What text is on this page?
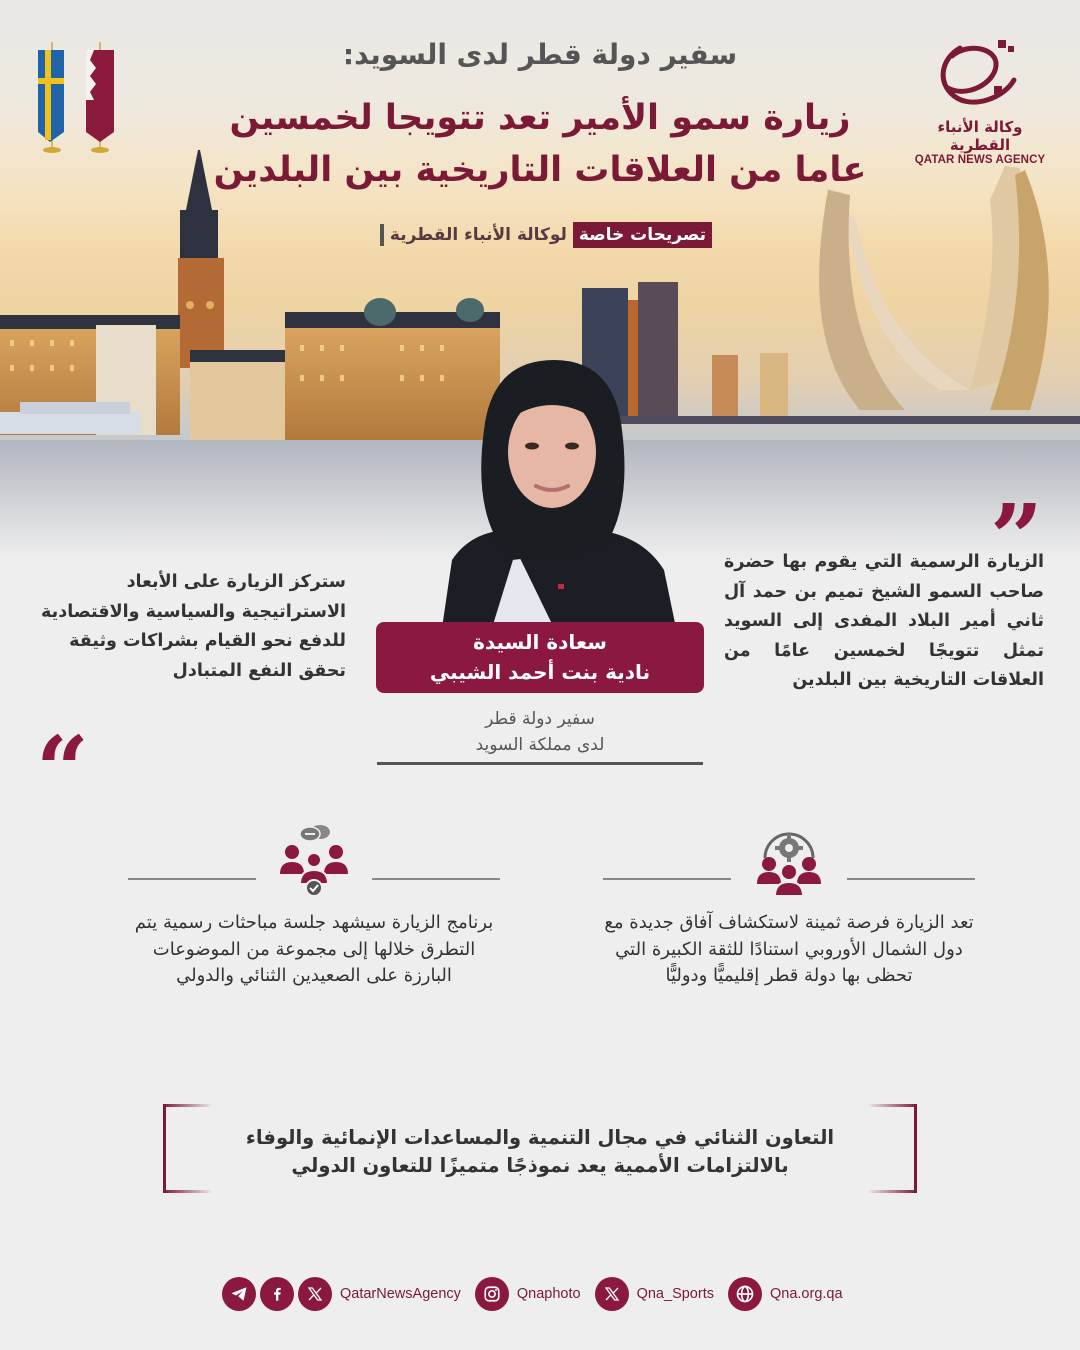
وكالة الأنباء القطرية
QATAR NEWS AGENCY
سفير دولة قطر لدى السويد:
زيارة سمو الأمير تعد تتويجا لخمسين
عاما من العلاقات التاريخية بين البلدين
تصريحات خاصة
لوكالة الأنباء القطرية
سعادة السيدة
نادية بنت أحمد الشيبي
سفير دولة قطر
لدى مملكة السويد
”
الزيارة الرسمية التي يقوم بها حضرة صاحب السمو الشيخ تميم بن حمد آل ثاني أمير البلاد المفدى إلى السويد تمثل تتويجًا لخمسين عامًا من العلاقات التاريخية بين البلدين
ستركز الزيارة على الأبعاد الاستراتيجية والسياسية والاقتصادية للدفع نحو القيام بشراكات وثيقة تحقق النفع المتبادل
“
تعد الزيارة فرصة ثمينة لاستكشاف آفاق جديدة مع دول الشمال الأوروبي استنادًا للثقة الكبيرة التي تحظى بها دولة قطر إقليميًّا ودوليًّا
برنامج الزيارة سيشهد جلسة مباحثات رسمية يتم التطرق خلالها إلى مجموعة من الموضوعات البارزة على الصعيدين الثنائي والدولي
التعاون الثنائي في مجال التنمية والمساعدات الإنمائية والوفاء
بالالتزامات الأممية يعد نموذجًا متميزًا للتعاون الدولي
QatarNewsAgency	Qnaphoto	Qna_Sports	Qna.org.qa
